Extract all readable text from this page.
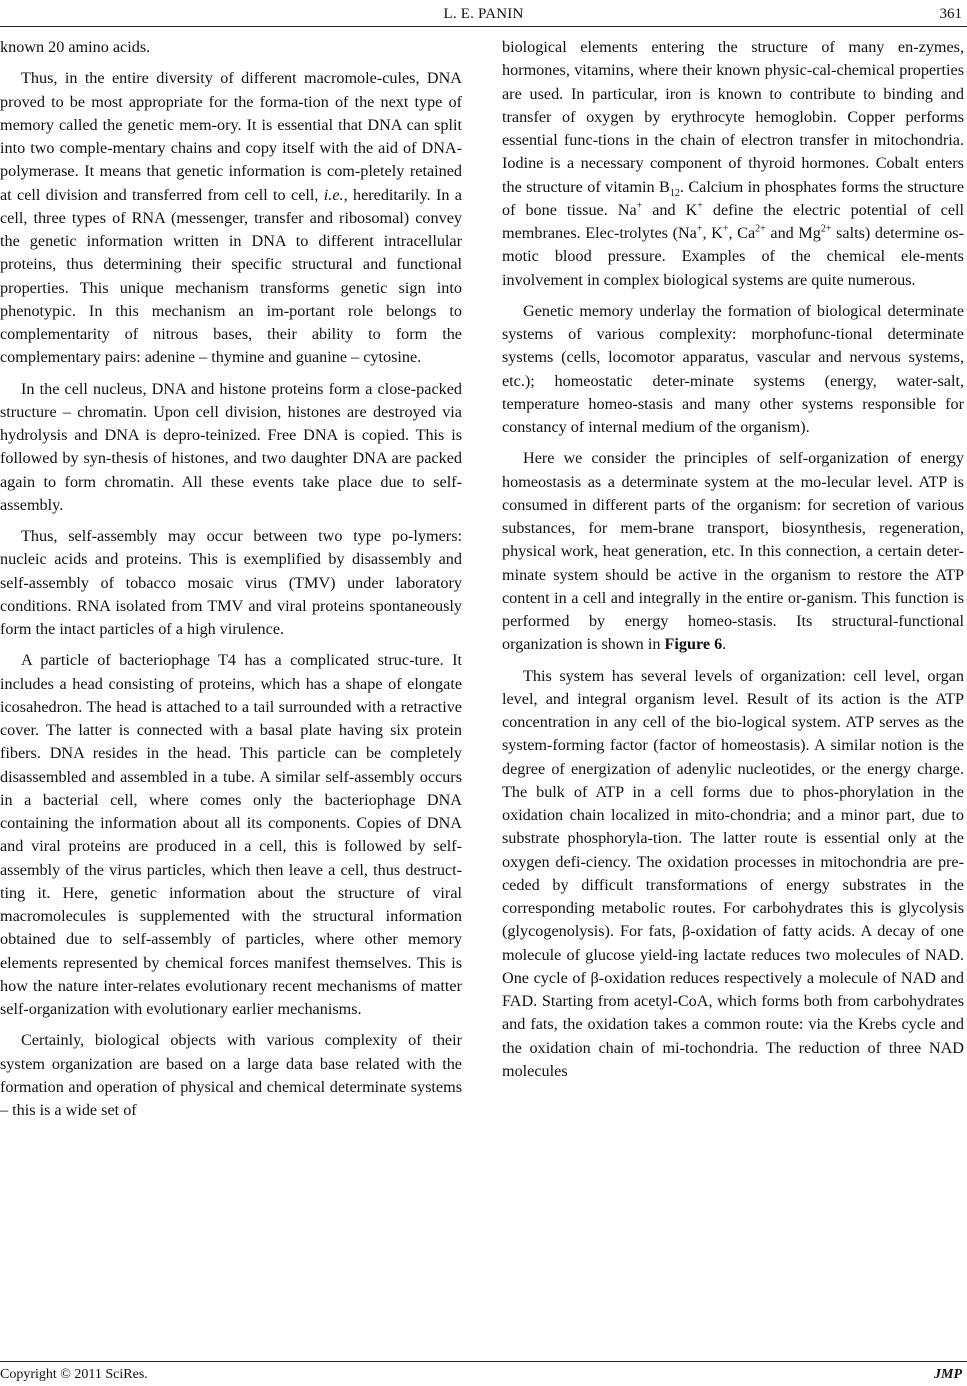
L. E. PANIN	361

known 20 amino acids.

Thus, in the entire diversity of different macromole-cules, DNA proved to be most appropriate for the forma-tion of the next type of memory called the genetic mem-ory. It is essential that DNA can split into two comple-mentary chains and copy itself with the aid of DNA-polymerase. It means that genetic information is com-pletely retained at cell division and transferred from cell to cell, i.e., hereditarily. In a cell, three types of RNA (messenger, transfer and ribosomal) convey the genetic information written in DNA to different intracellular proteins, thus determining their specific structural and functional properties. This unique mechanism transforms genetic sign into phenotypic. In this mechanism an im-portant role belongs to complementarity of nitrous bases, their ability to form the complementary pairs: adenine – thymine and guanine – cytosine.

In the cell nucleus, DNA and histone proteins form a close-packed structure – chromatin. Upon cell division, histones are destroyed via hydrolysis and DNA is depro-teinized. Free DNA is copied. This is followed by syn-thesis of histones, and two daughter DNA are packed again to form chromatin. All these events take place due to self-assembly.

Thus, self-assembly may occur between two type po-lymers: nucleic acids and proteins. This is exemplified by disassembly and self-assembly of tobacco mosaic virus (TMV) under laboratory conditions. RNA isolated from TMV and viral proteins spontaneously form the intact particles of a high virulence.

A particle of bacteriophage T4 has a complicated struc-ture. It includes a head consisting of proteins, which has a shape of elongate icosahedron. The head is attached to a tail surrounded with a retractive cover. The latter is connected with a basal plate having six protein fibers. DNA resides in the head. This particle can be completely disassembled and assembled in a tube. A similar self-assembly occurs in a bacterial cell, where comes only the bacteriophage DNA containing the information about all its components. Copies of DNA and viral proteins are produced in a cell, this is followed by self-assembly of the virus particles, which then leave a cell, thus destruct-ting it. Here, genetic information about the structure of viral macromolecules is supplemented with the structural information obtained due to self-assembly of particles, where other memory elements represented by chemical forces manifest themselves. This is how the nature inter-relates evolutionary recent mechanisms of matter self-organization with evolutionary earlier mechanisms.

Certainly, biological objects with various complexity of their system organization are based on a large data base related with the formation and operation of physical and chemical determinate systems – this is a wide set of

biological elements entering the structure of many en-zymes, hormones, vitamins, where their known physic-cal-chemical properties are used. In particular, iron is known to contribute to binding and transfer of oxygen by erythrocyte hemoglobin. Copper performs essential func-tions in the chain of electron transfer in mitochondria. Iodine is a necessary component of thyroid hormones. Cobalt enters the structure of vitamin $B_{12}$. Calcium in phosphates forms the structure of bone tissue. Na+ and K+ define the electric potential of cell membranes. Elec-trolytes (Na+, K+, $Ca^{2+}$ and $Mg^{2+}$ salts) determine os-motic blood pressure. Examples of the chemical ele-ments involvement in complex biological systems are quite numerous.

Genetic memory underlay the formation of biological determinate systems of various complexity: morphofunc-tional determinate systems (cells, locomotor apparatus, vascular and nervous systems, etc.); homeostatic deter-minate systems (energy, water-salt, temperature homeo-stasis and many other systems responsible for constancy of internal medium of the organism).

Here we consider the principles of self-organization of energy homeostasis as a determinate system at the mo-lecular level. ATP is consumed in different parts of the organism: for secretion of various substances, for mem-brane transport, biosynthesis, regeneration, physical work, heat generation, etc. In this connection, a certain deter-minate system should be active in the organism to restore the ATP content in a cell and integrally in the entire or-ganism. This function is performed by energy homeo-stasis. Its structural-functional organization is shown in Figure 6.

This system has several levels of organization: cell level, organ level, and integral organism level. Result of its action is the ATP concentration in any cell of the bio-logical system. ATP serves as the system-forming factor (factor of homeostasis). A similar notion is the degree of energization of adenylic nucleotides, or the energy charge. The bulk of ATP in a cell forms due to phos-phorylation in the oxidation chain localized in mito-chondria; and a minor part, due to substrate phosphoryla-tion. The latter route is essential only at the oxygen defi-ciency. The oxidation processes in mitochondria are pre-ceded by difficult transformations of energy substrates in the corresponding metabolic routes. For carbohydrates this is glycolysis (glycogenolysis). For fats, β-oxidation of fatty acids. A decay of one molecule of glucose yield-ing lactate reduces two molecules of NAD. One cycle of β-oxidation reduces respectively a molecule of NAD and FAD. Starting from acetyl-CoA, which forms both from carbohydrates and fats, the oxidation takes a common route: via the Krebs cycle and the oxidation chain of mi-tochondria. The reduction of three NAD molecules

Copyright © 2011 SciRes.	JMP
